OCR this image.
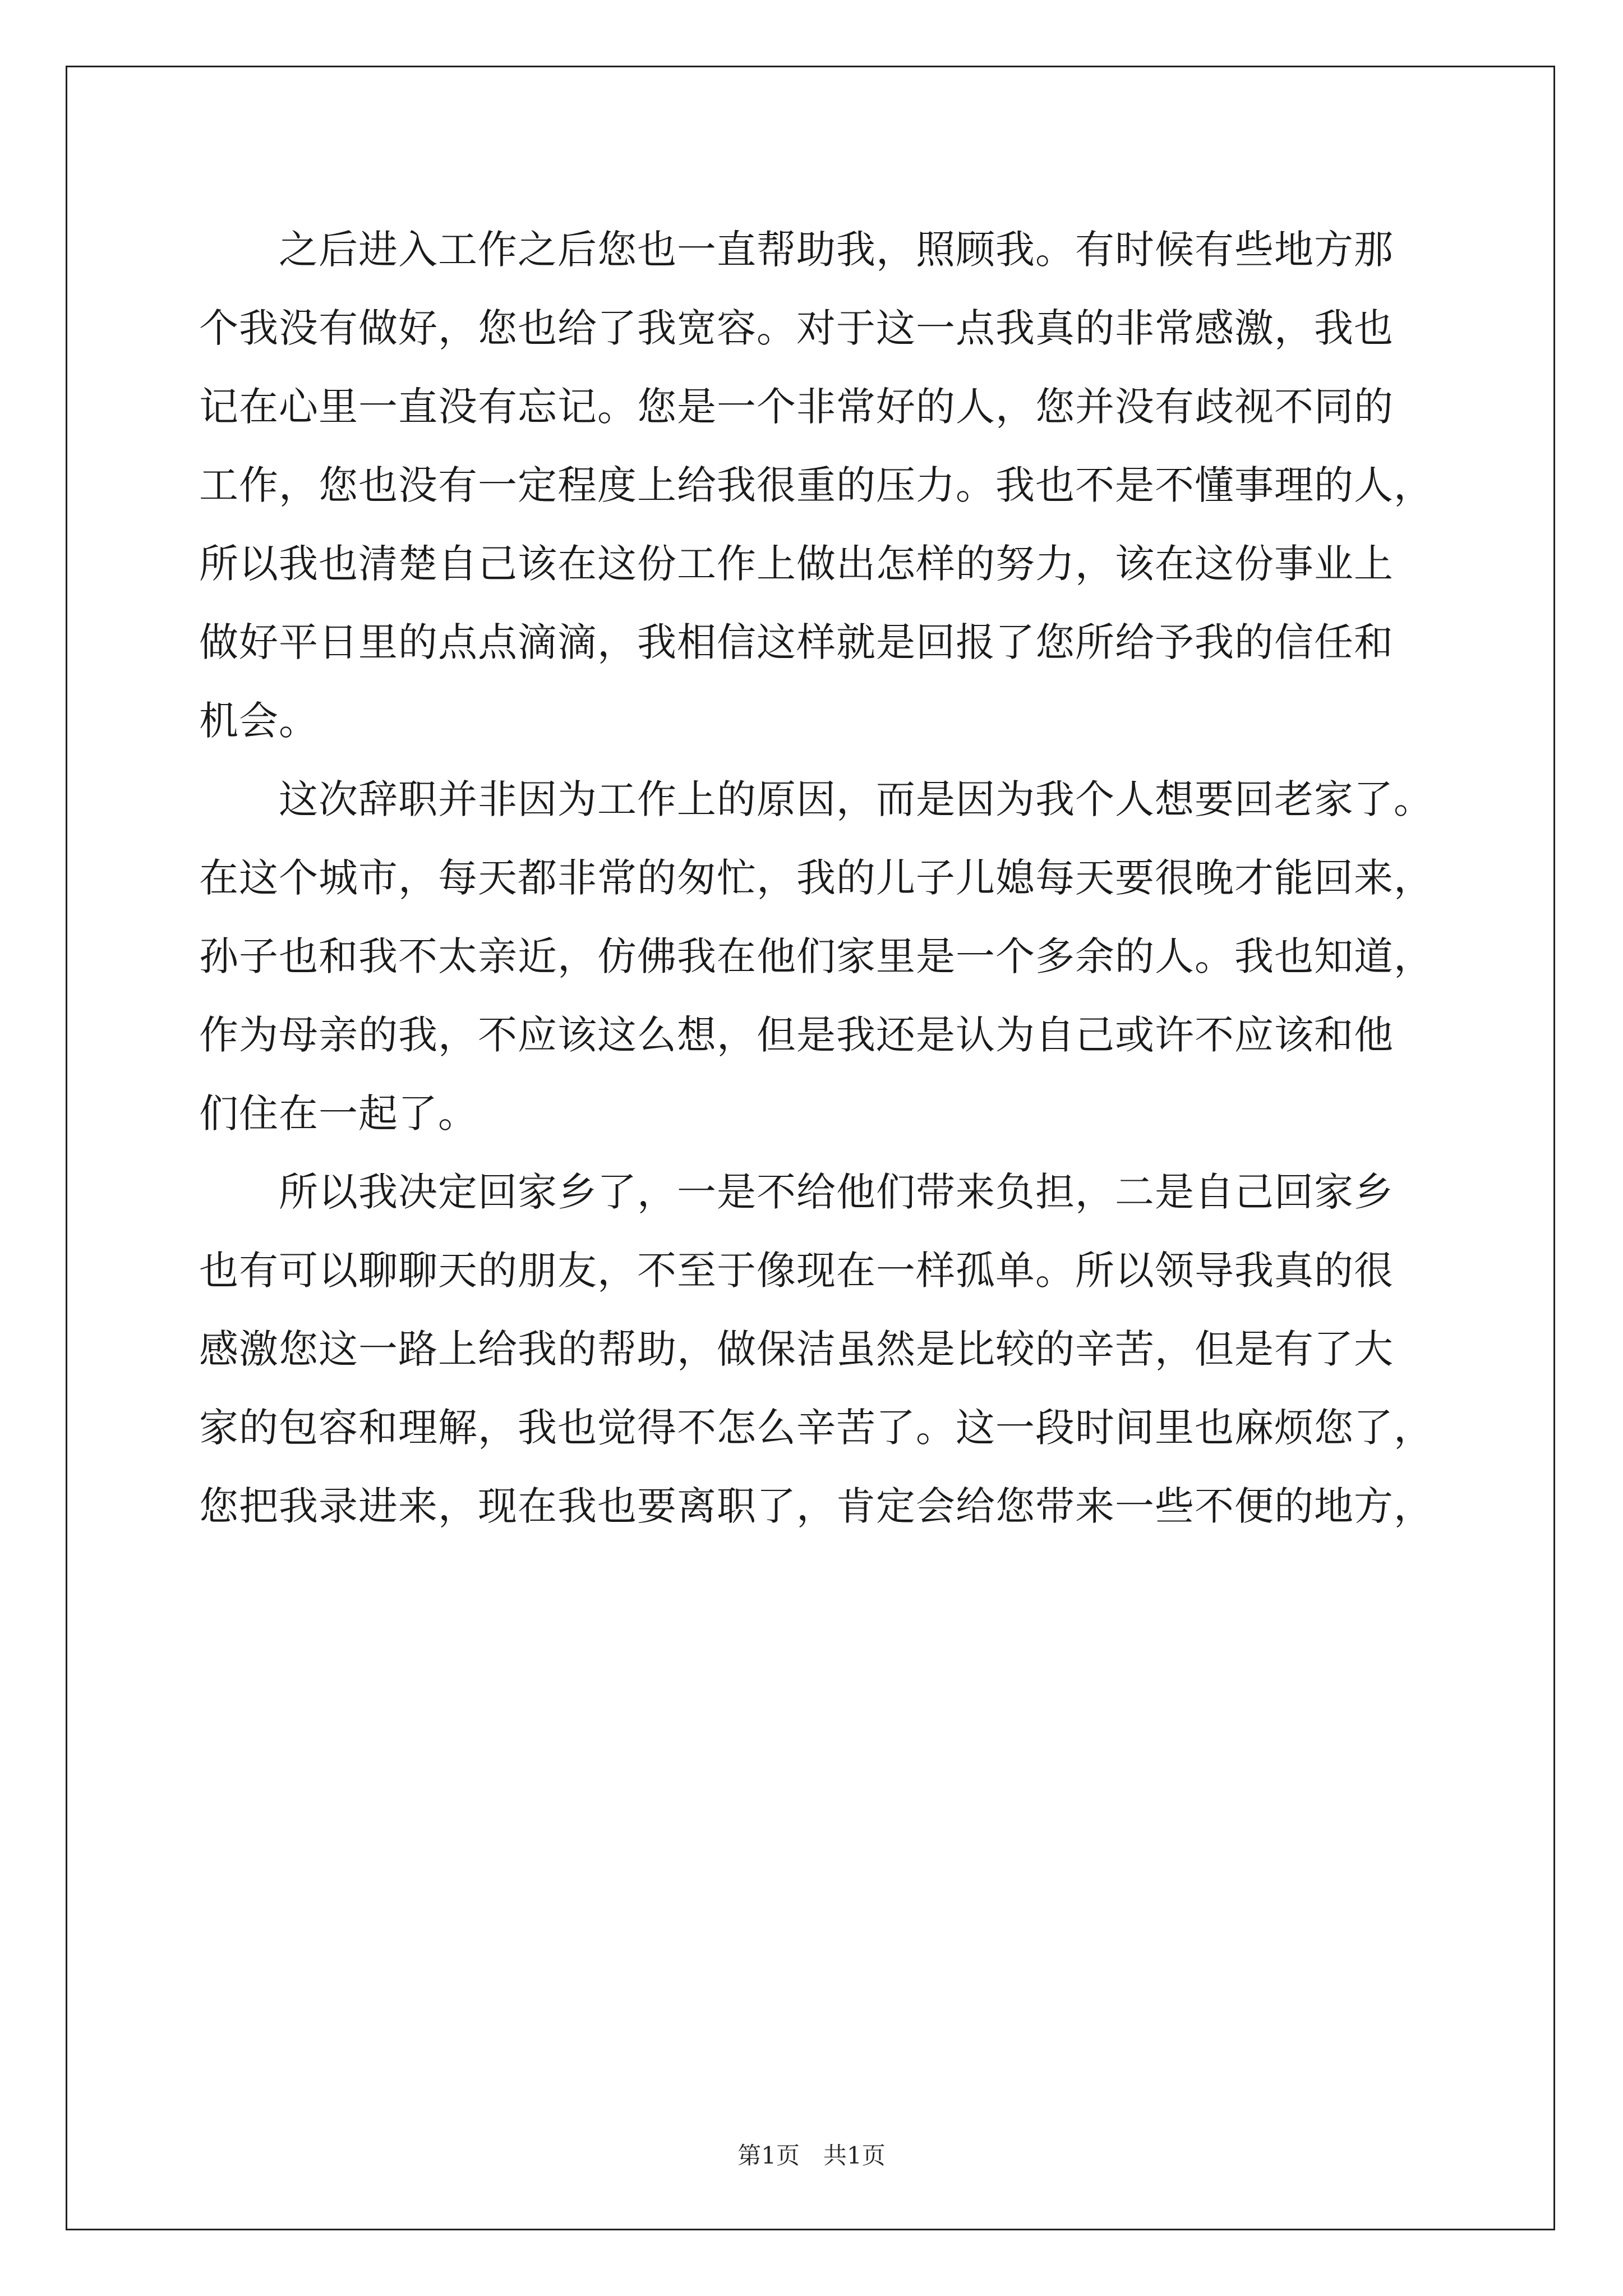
　　之后进入工作之后您也一直帮助我，照顾我。有时候有些地方那
个我没有做好，您也给了我宽容。对于这一点我真的非常感激，我也
记在心里一直没有忘记。您是一个非常好的人，您并没有歧视不同的
工作，您也没有一定程度上给我很重的压力。我也不是不懂事理的人，
所以我也清楚自己该在这份工作上做出怎样的努力，该在这份事业上
做好平日里的点点滴滴，我相信这样就是回报了您所给予我的信任和
机会。
　　这次辞职并非因为工作上的原因，而是因为我个人想要回老家了。
在这个城市，每天都非常的匆忙，我的儿子儿媳每天要很晚才能回来，
孙子也和我不太亲近，仿佛我在他们家里是一个多余的人。我也知道，
作为母亲的我，不应该这么想，但是我还是认为自己或许不应该和他
们住在一起了。
　　所以我决定回家乡了，一是不给他们带来负担，二是自己回家乡
也有可以聊聊天的朋友，不至于像现在一样孤单。所以领导我真的很
感激您这一路上给我的帮助，做保洁虽然是比较的辛苦，但是有了大
家的包容和理解，我也觉得不怎么辛苦了。这一段时间里也麻烦您了，
您把我录进来，现在我也要离职了，肯定会给您带来一些不便的地方，
第1页　共1页
